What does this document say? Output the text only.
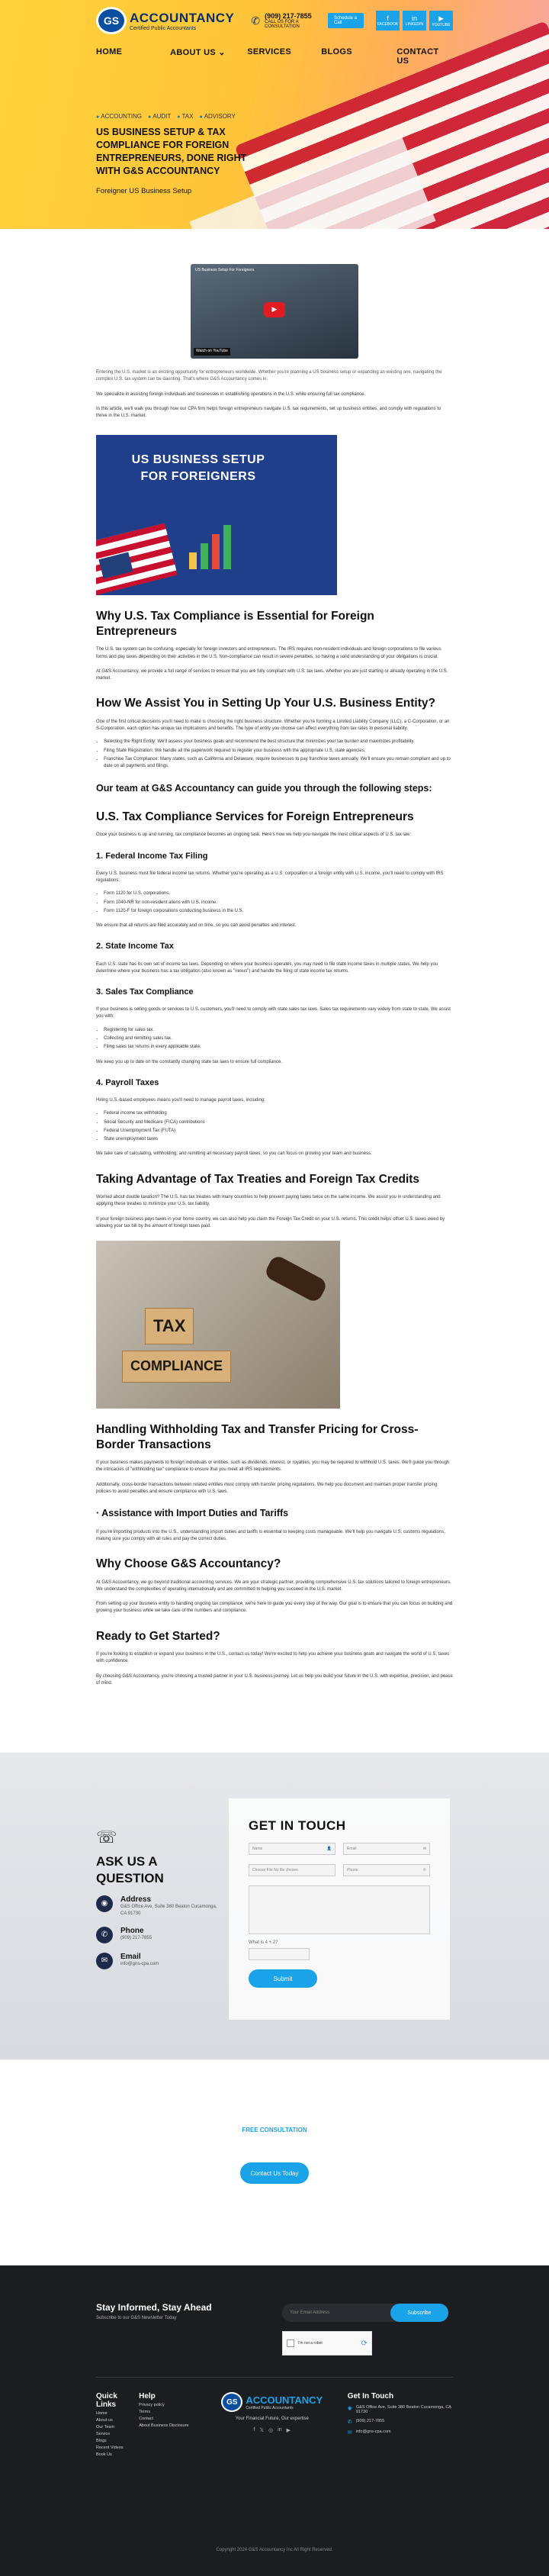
GS ACCOUNTANCY
Certified Public Accountants
✆ (909) 217-7855
CALL US FOR A CONSULTATION
Schedule a Call
f
FACEBOOK
in
LINKEDIN
▶
YOUTUBE
HOME	ABOUT US ⌄	SERVICES	BLOGS	CONTACT US
● ACCOUNTING	● AUDIT	● TAX	● ADVISORY
US BUSINESS SETUP & TAX COMPLIANCE FOR FOREIGN ENTREPRENEURS, DONE RIGHT WITH G&S ACCOUNTANCY
Foreigner US Business Setup
US Business Setup For Foreigners
▶
Watch on YouTube

Entering the U.S. market is an exciting opportunity for entrepreneurs worldwide. Whether you're planning a US business setup or expanding an existing one, navigating the complex U.S. tax system can be daunting. That's where G&S Accountancy comes in.

We specialize in assisting foreign individuals and businesses in establishing operations in the U.S. while ensuring full tax compliance.

In this article, we'll walk you through how our CPA firm helps foreign entrepreneurs navigate U.S. tax requirements, set up business entities, and comply with regulations to thrive in the U.S. market.

US BUSINESS SETUP FOR FOREIGNERS
Why U.S. Tax Compliance is Essential for Foreign Entrepreneurs

The U.S. tax system can be confusing, especially for foreign investors and entrepreneurs. The IRS requires non-resident individuals and foreign corporations to file various forms and pay taxes depending on their activities in the U.S. Non-compliance can result in severe penalties, so having a solid understanding of your obligations is crucial.

At G&S Accountancy, we provide a full range of services to ensure that you are fully compliant with U.S. tax laws, whether you are just starting or already operating in the U.S. market.

How We Assist You in Setting Up Your U.S. Business Entity?

One of the first critical decisions you'll need to make is choosing the right business structure. Whether you're forming a Limited Liability Company (LLC), a C-Corporation, or an S-Corporation, each option has unique tax implications and benefits. The type of entity you choose can affect everything from tax rates to personal liability.

• Selecting the Right Entity: We'll assess your business goals and recommend the best structure that minimizes your tax burden and maximizes profitability.
• Filing State Registration: We handle all the paperwork required to register your business with the appropriate U.S. state agencies.
• Franchise Tax Compliance: Many states, such as California and Delaware, require businesses to pay franchise taxes annually. We'll ensure you remain compliant and up to date on all payments and filings.
Our team at G&S Accountancy can guide you through the following steps:
U.S. Tax Compliance Services for Foreign Entrepreneurs

Once your business is up and running, tax compliance becomes an ongoing task. Here's how we help you navigate the most critical aspects of U.S. tax law:

1. Federal Income Tax Filing

Every U.S. business must file federal income tax returns. Whether you're operating as a U.S. corporation or a foreign entity with U.S. income, you'll need to comply with IRS regulations:

• Form 1120 for U.S. corporations.
• Form 1040-NR for non-resident aliens with U.S. income.
• Form 1120-F for foreign corporations conducting business in the U.S.

We ensure that all returns are filed accurately and on time, so you can avoid penalties and interest.

2. State Income Tax

Each U.S. state has its own set of income tax laws. Depending on where your business operates, you may need to file state income taxes in multiple states. We help you determine where your business has a tax obligation (also known as "nexus") and handle the filing of state income tax returns.

3. Sales Tax Compliance

If your business is selling goods or services to U.S. customers, you'll need to comply with state sales tax laws. Sales tax requirements vary widely from state to state. We assist you with:

• Registering for sales tax.
• Collecting and remitting sales tax.
• Filing sales tax returns in every applicable state.

We keep you up to date on the constantly changing state tax laws to ensure full compliance.

4. Payroll Taxes

Hiring U.S.-based employees means you'll need to manage payroll taxes, including:

• Federal income tax withholding
• Social Security and Medicare (FICA) contributions
• Federal Unemployment Tax (FUTA)
• State unemployment taxes

We take care of calculating, withholding, and remitting all necessary payroll taxes, so you can focus on growing your team and business.

Taking Advantage of Tax Treaties and Foreign Tax Credits

Worried about double taxation? The U.S. has tax treaties with many countries to help prevent paying taxes twice on the same income. We assist you in understanding and applying these treaties to minimize your U.S. tax liability.

If your foreign business pays taxes in your home country, we can also help you claim the Foreign Tax Credit on your U.S. returns. This credit helps offset U.S. taxes owed by allowing your tax bill by the amount of foreign taxes paid.

TAX
COMPLIANCE
Handling Withholding Tax and Transfer Pricing for Cross-Border Transactions

If your business makes payments to foreign individuals or entities, such as dividends, interest, or royalties, you may be required to withhold U.S. taxes. We'll guide you through the intricacies of "withholding tax" compliance to ensure that you meet all IRS requirements.

Additionally, cross-border transactions between related entities must comply with transfer pricing regulations. We help you document and maintain proper transfer pricing policies to avoid penalties and ensure compliance with U.S. laws.

· Assistance with Import Duties and Tariffs

If you're importing products into the U.S., understanding import duties and tariffs is essential to keeping costs manageable. We'll help you navigate U.S. customs regulations, making sure you comply with all rules and pay the correct duties.

Why Choose G&S Accountancy?

At G&S Accountancy, we go beyond traditional accounting services. We are your strategic partner, providing comprehensive U.S. tax solutions tailored to foreign entrepreneurs. We understand the complexities of operating internationally and are committed to helping you succeed in the U.S. market.

From setting up your business entity to handling ongoing tax compliance, we're here to guide you every step of the way. Our goal is to ensure that you can focus on building and growing your business while we take care of the numbers and compliance.

Ready to Get Started?

If you're looking to establish or expand your business in the U.S., contact us today! We're excited to help you achieve your business goals and navigate the world of U.S. taxes with confidence.

By choosing G&S Accountancy, you're choosing a trusted partner in your U.S. business journey. Let us help you build your future in the U.S. with expertise, precision, and peace of mind.

☏
ASK US A QUESTION
◉	Address
G&S Office Ave, Suite 380 Beaton Cucamonga, CA 91730
✆	Phone
(909) 217-7855
✉	Email
info@gns-cpa.com
GET IN TOUCH
Name	👤	Email	✉
Choose File No file chosen	Phone	✆
What is 4 + 2?
Submit
FREE CONSULTATION
Contact Us Today
Stay Informed, Stay Ahead
Subscribe to our G&S Newsletter Today
Your Email Address	Subscribe
I'm not a robot	⟳
Quick Links
Home
About us
Our Team
Service
Blogs
Recent Videos
Book Us
Help
Privacy policy
Terms
Contact
About Business Disclosure
GS ACCOUNTANCY
Certified Public Accountants
Your Financial Future, Our expertise
f 𝕏 ◎ in ▶
Get In Touch
◉ G&S Office Ave, Suite 380 Beaton Cucamonga, CA 91730
✆ (909) 217-7855
✉ info@gns-cpa.com
Copyright 2024 G&S Accountancy Inc All Right Reserved.
